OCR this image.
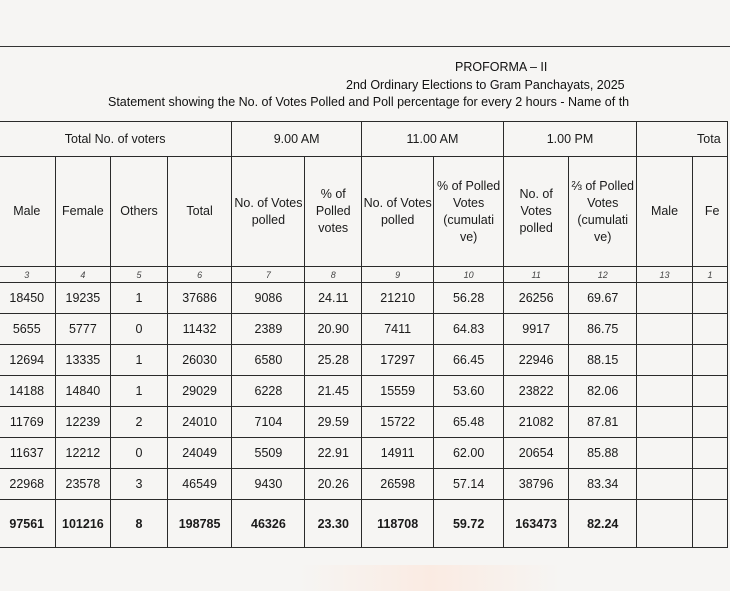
PROFORMA – II
2nd Ordinary Elections to Gram Panchayats, 2025
Statement showing the No. of Votes Polled and Poll percentage for every 2 hours - Name of th
Total No. of voters				9.00 AM		11.00 AM		1.00 PM		Tota	
Male	Female	Others	Total	No. of Votes polled	% of Polled votes	No. of Votes polled	% of Polled Votes (cumulati ve)	No. of Votes polled	⅔ of Polled Votes (cumulati ve)	Male	Fe
3	4	5	6	7	8	9	10	11	12	13	1
18450	19235	1	37686	9086	24.11	21210	56.28	26256	69.67		
5655	5777	0	11432	2389	20.90	7411	64.83	9917	86.75		
12694	13335	1	26030	6580	25.28	17297	66.45	22946	88.15		
14188	14840	1	29029	6228	21.45	15559	53.60	23822	82.06		
11769	12239	2	24010	7104	29.59	15722	65.48	21082	87.81		
11637	12212	0	24049	5509	22.91	14911	62.00	20654	85.88		
22968	23578	3	46549	9430	20.26	26598	57.14	38796	83.34		
97561	101216	8	198785	46326	23.30	118708	59.72	163473	82.24		
